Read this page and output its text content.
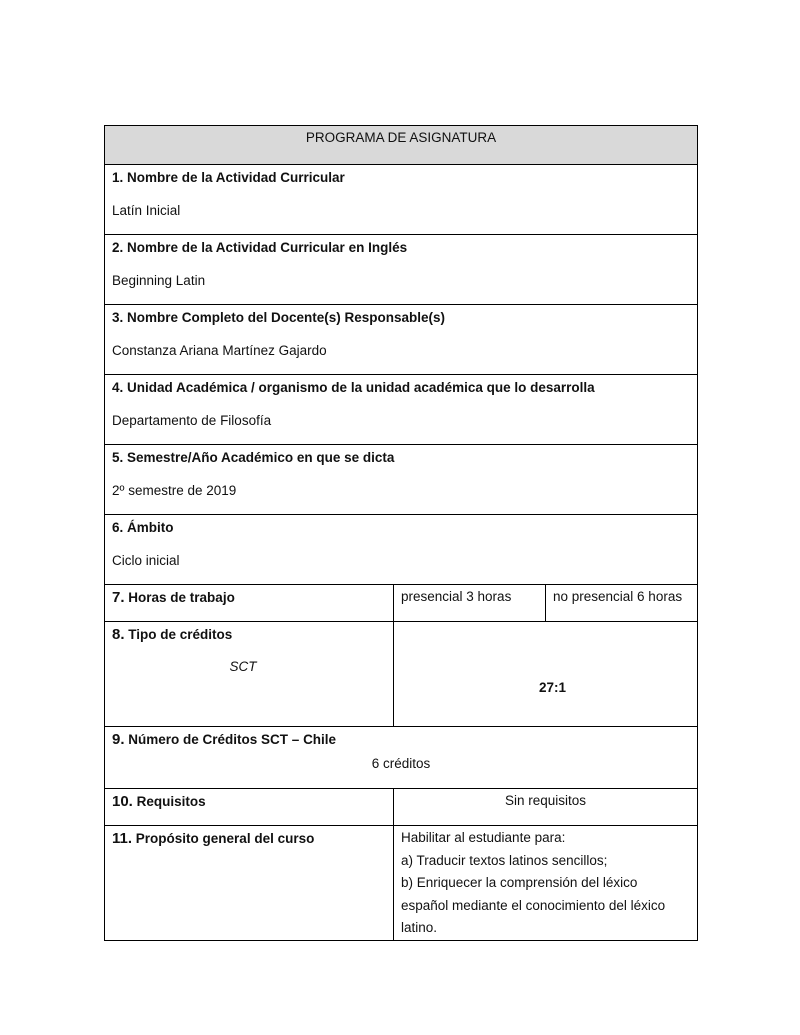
PROGRAMA DE ASIGNATURA		

1. Nombre de la Actividad Curricular
Latín Inicial		

2. Nombre de la Actividad Curricular en Inglés
Beginning Latin		

3. Nombre Completo del Docente(s) Responsable(s)
Constanza Ariana Martínez Gajardo		

4. Unidad Académica / organismo de la unidad académica que lo desarrolla
Departamento de Filosofía		

5. Semestre/Año Académico en que se dicta
2º semestre de 2019		

6. Ámbito
Ciclo inicial		

7. Horas de trabajo	presencial 3 horas	no presencial 6 horas
8. Tipo de créditos
SCT	27:1	

9. Número de Créditos SCT – Chile
6 créditos		

10. Requisitos	Sin requisitos	

11. Propósito general del curso	Habilitar al estudiante para:
a) Traducir textos latinos sencillos;
b) Enriquecer la comprensión del léxico
español mediante el conocimiento del léxico
latino.	
